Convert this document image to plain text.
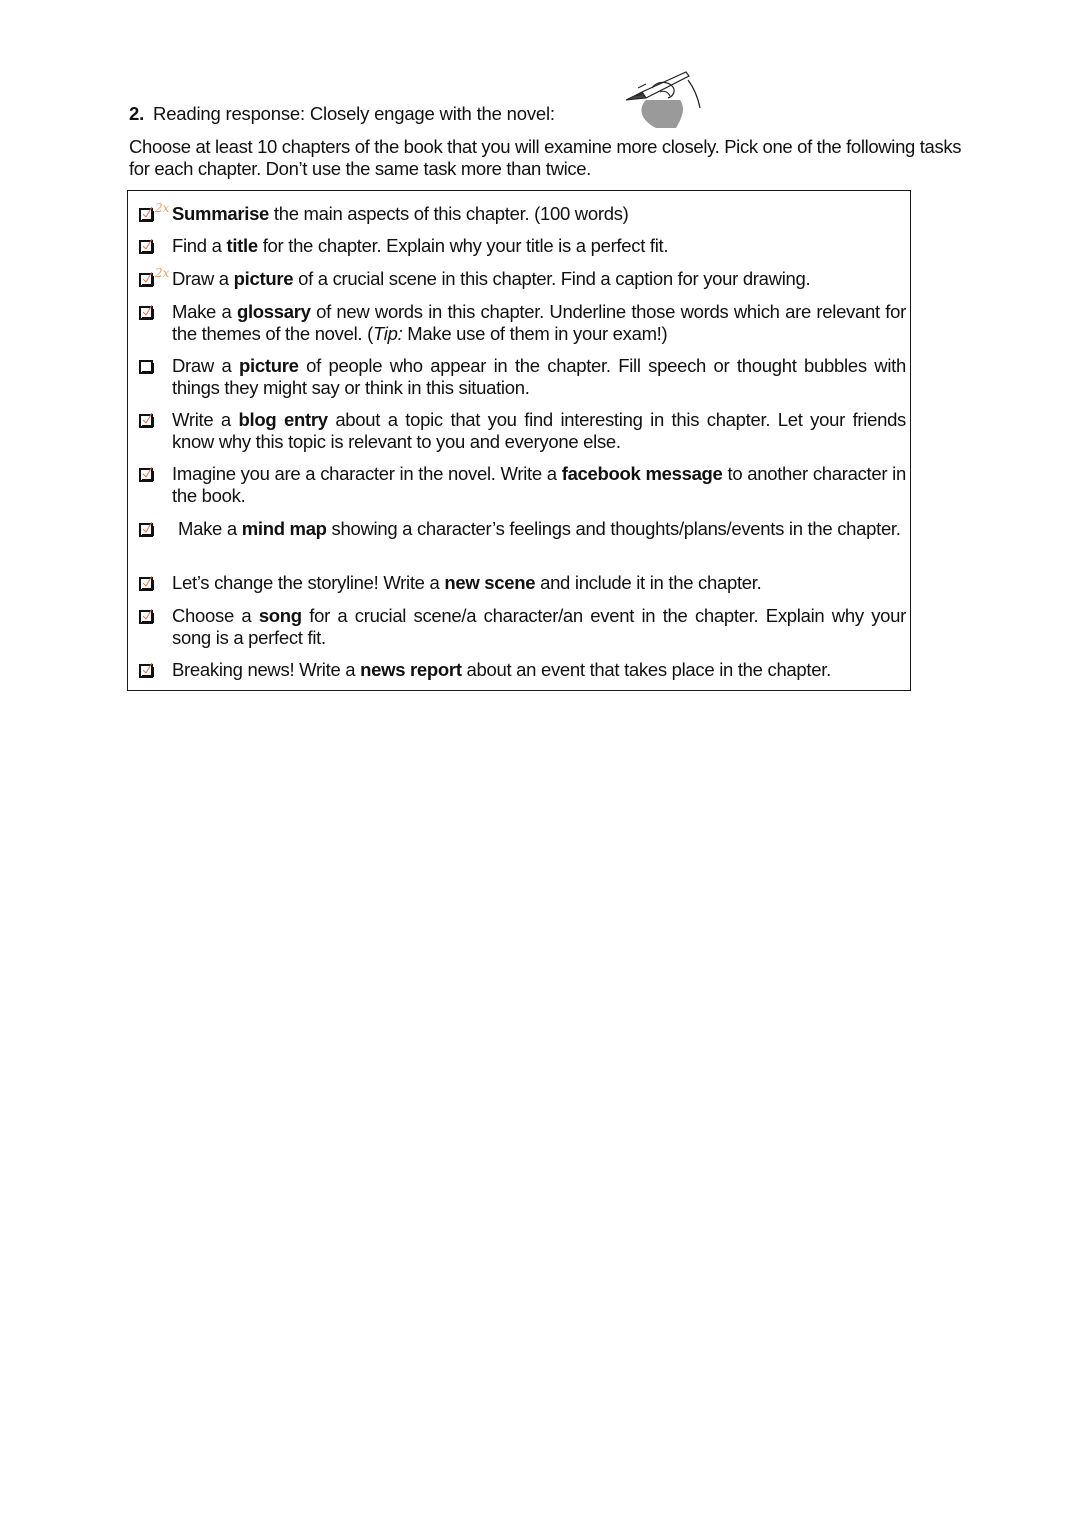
2. Reading response: Closely engage with the novel:
Choose at least 10 chapters of the book that you will examine more closely. Pick one of the following tasks for each chapter. Don’t use the same task more than twice.
2x Summarise the main aspects of this chapter. (100 words)
Find a title for the chapter. Explain why your title is a perfect fit.
2x Draw a picture of a crucial scene in this chapter. Find a caption for your drawing.
Make a glossary of new words in this chapter. Underline those words which are relevant for the themes of the novel. (Tip: Make use of them in your exam!)
Draw a picture of people who appear in the chapter. Fill speech or thought bubbles with things they might say or think in this situation.
Write a blog entry about a topic that you find interesting in this chapter. Let your friends know why this topic is relevant to you and everyone else.
Imagine you are a character in the novel. Write a facebook message to another character in the book.
Make a mind map showing a character’s feelings and thoughts/plans/events in the chapter.
Let’s change the storyline! Write a new scene and include it in the chapter.
Choose a song for a crucial scene/a character/an event in the chapter. Explain why your song is a perfect fit.
Breaking news! Write a news report about an event that takes place in the chapter.
